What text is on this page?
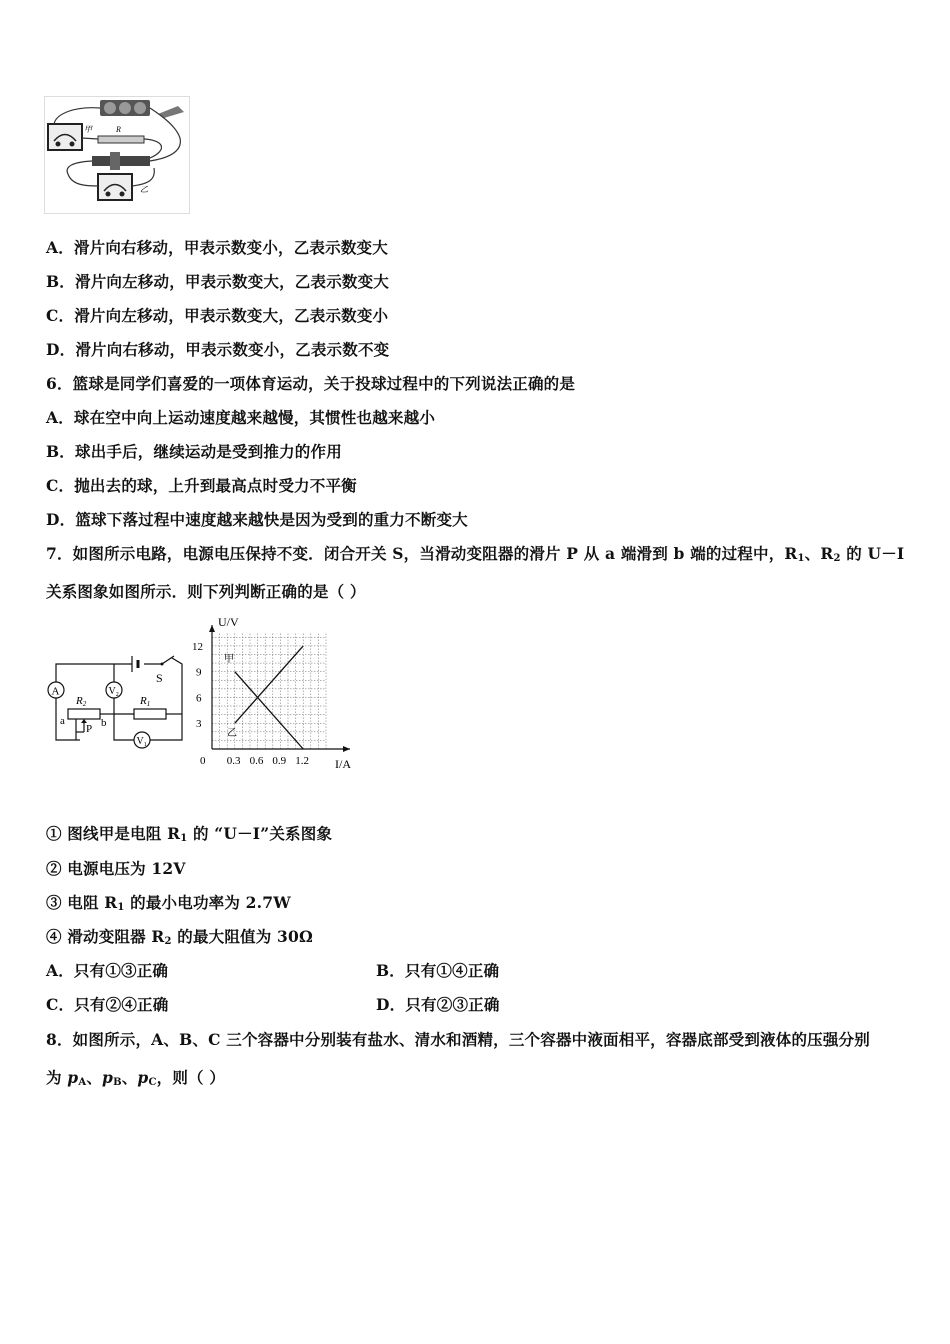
甲	R
乙
A．滑片向右移动，甲表示数变小，乙表示数变大
B．滑片向左移动，甲表示数变大，乙表示数变大
C．滑片向左移动，甲表示数变大，乙表示数变小
D．滑片向右移动，甲表示数变小，乙表示数不变
6．篮球是同学们喜爱的一项体育运动，关于投球过程中的下列说法正确的是
A．球在空中向上运动速度越来越慢，其惯性也越来越小
B．球出手后，继续运动是受到推力的作用
C．抛出去的球，上升到最高点时受力不平衡
D．篮球下落过程中速度越来越快是因为受到的重力不断变大
7．如图所示电路，电源电压保持不变．闭合开关 S，当滑动变阻器的滑片 P 从 a 端滑到 b 端的过程中，$R_1$、$R_2$ 的 U－I
关系图象如图所示．则下列判断正确的是（ ）
S
A	$V_2$ R1
R2
P
a	b
$V_1$
0 0.3 0.6 0.9 1.2
3
6
9
12
U/V
I/A
甲
乙
① 图线甲是电阻 $R_1$ 的 “U－I”关系图象
② 电源电压为 12V
③ 电阻 $R_1$ 的最小电功率为 2.7W
④ 滑动变阻器 $R_2$ 的最大阻值为 30Ω
A．只有①③正确	B．只有①④正确
C．只有②④正确	D．只有②③正确
8．如图所示，A、B、C 三个容器中分别装有盐水、清水和酒精，三个容器中液面相平，容器底部受到液体的压强分别
为 $p_A$、$p_B$、$p_C$，则（ ）
